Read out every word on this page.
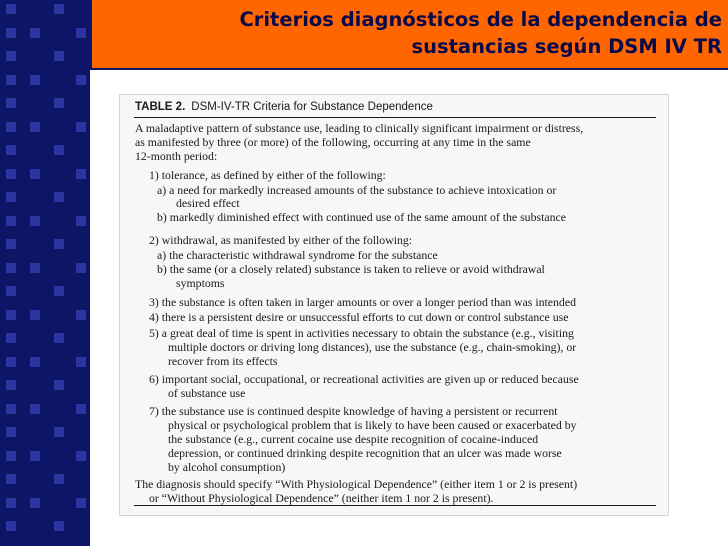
Criterios diagnósticos de la dependencia de
sustancias según DSM IV TR
TABLE 2. DSM-IV-TR Criteria for Substance Dependence
A maladaptive pattern of substance use, leading to clinically significant impairment or distress,
as manifested by three (or more) of the following, occurring at any time in the same
12-month period:
1) tolerance, as defined by either of the following:
a) a need for markedly increased amounts of the substance to achieve intoxication or
desired effect
b) markedly diminished effect with continued use of the same amount of the substance
2) withdrawal, as manifested by either of the following:
a) the characteristic withdrawal syndrome for the substance
b) the same (or a closely related) substance is taken to relieve or avoid withdrawal
symptoms
3) the substance is often taken in larger amounts or over a longer period than was intended
4) there is a persistent desire or unsuccessful efforts to cut down or control substance use
5) a great deal of time is spent in activities necessary to obtain the substance (e.g., visiting
multiple doctors or driving long distances), use the substance (e.g., chain-smoking), or
recover from its effects
6) important social, occupational, or recreational activities are given up or reduced because
of substance use
7) the substance use is continued despite knowledge of having a persistent or recurrent
physical or psychological problem that is likely to have been caused or exacerbated by
the substance (e.g., current cocaine use despite recognition of cocaine-induced
depression, or continued drinking despite recognition that an ulcer was made worse
by alcohol consumption)
The diagnosis should specify “With Physiological Dependence” (either item 1 or 2 is present)
or “Without Physiological Dependence” (neither item 1 nor 2 is present).
